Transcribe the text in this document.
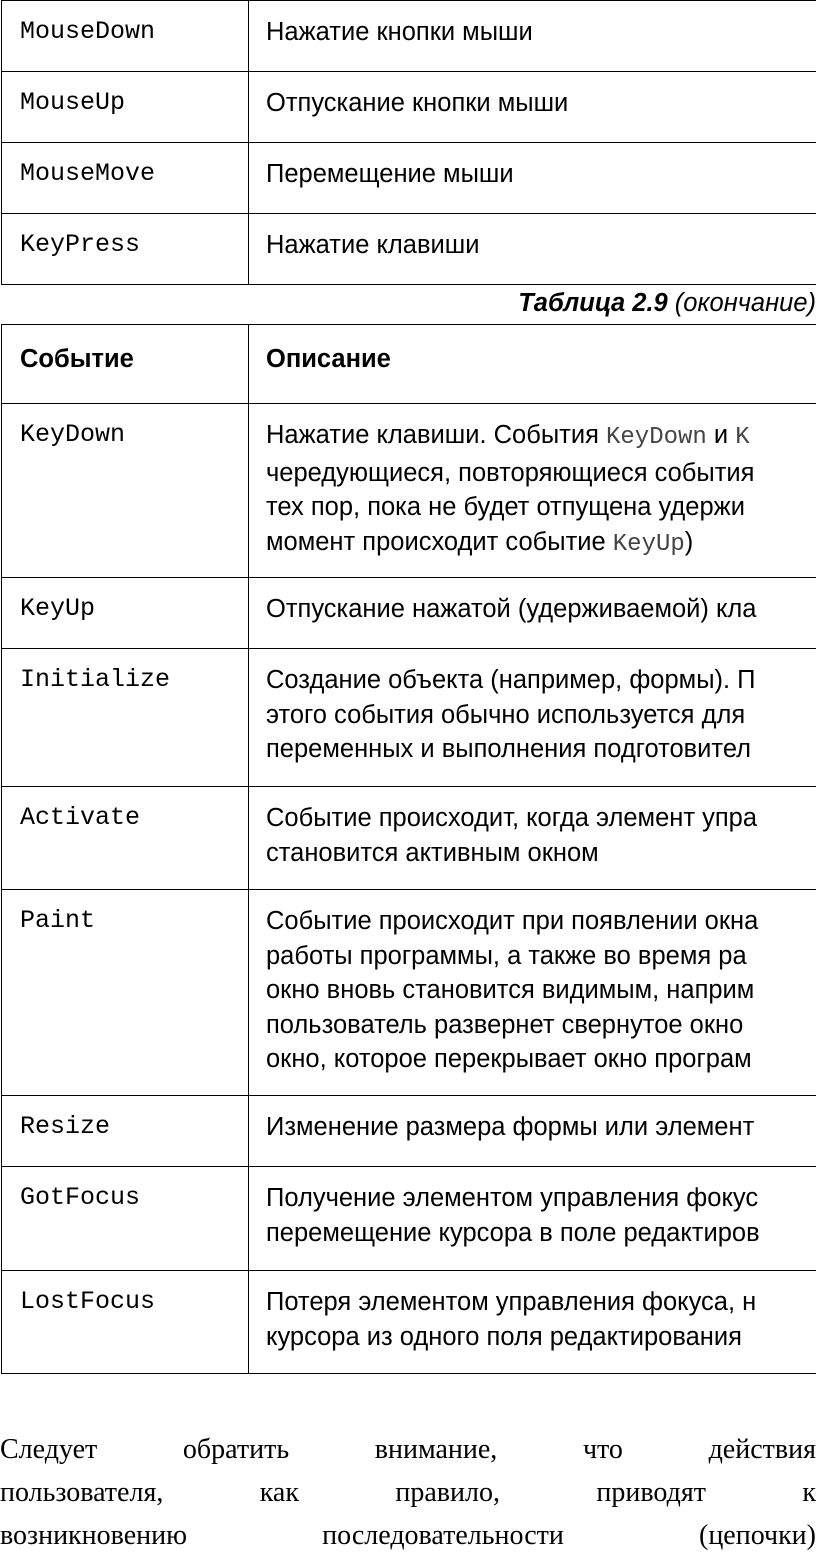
MouseDown	Нажатие кнопки мыши
MouseUp	Отпускание кнопки мыши
MouseMove	Перемещение мыши
KeyPress	Нажатие клавиши
Таблица 2.9 (окончание)
Событие	Описание
KeyDown	Нажатие клавиши. События KeyDown и K
чередующиеся, повторяющиеся события
тех пор, пока не будет отпущена удержи
момент происходит событие KeyUp)

KeyUp	Отпускание нажатой (удерживаемой) кла

Initialize	Создание объекта (например, формы). П
этого события обычно используется для
переменных и выполнения подготовител

Activate	Событие происходит, когда элемент упра
становится активным окном

Paint	Событие происходит при появлении окна
работы программы, а также во время ра
окно вновь становится видимым, наприм
пользователь развернет свернутое окно
окно, которое перекрывает окно програм

Resize	Изменение размера формы или элемент

GotFocus	Получение элементом управления фокус
перемещение курсора в поле редактиров

LostFocus	Потеря элементом управления фокуса, н
курсора из одного поля редактирования
Следует	обратить	внимание,	что	действия
пользователя,	как	правило,	приводят	к
возникновению	последовательности	(цепочки)
